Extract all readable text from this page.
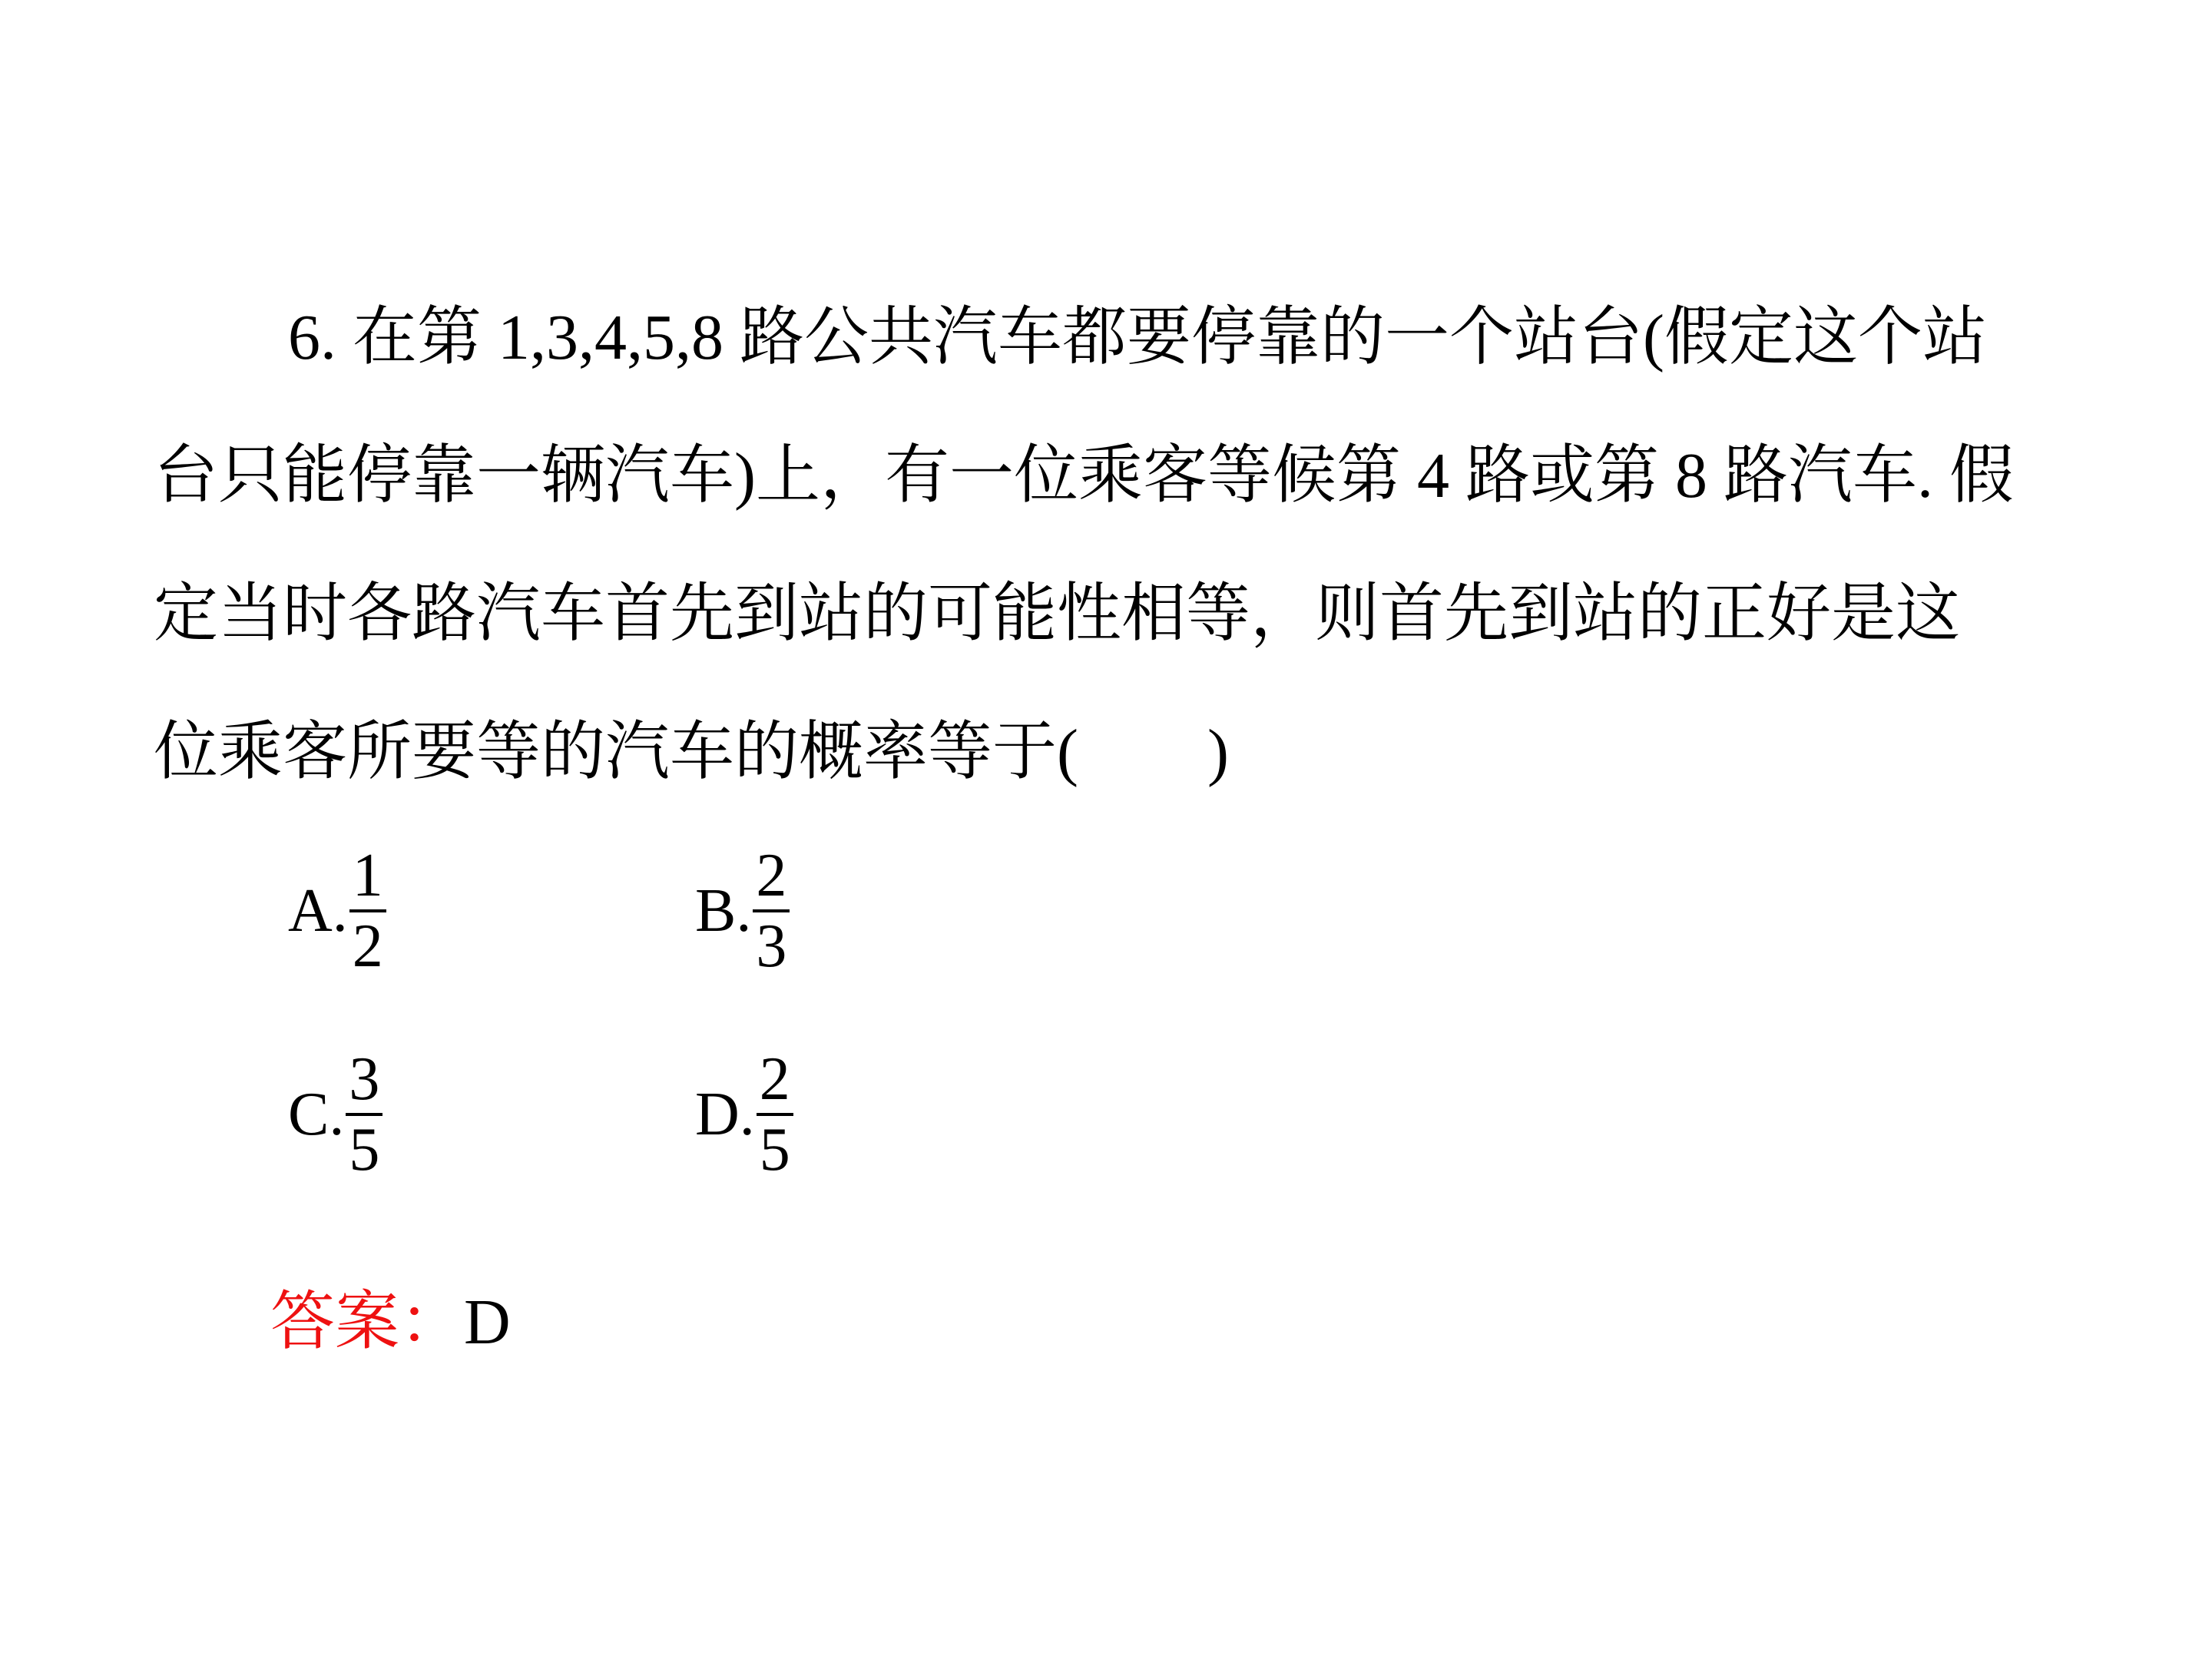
6. 在第 1,3,4,5,8 路公共汽车都要停靠的一个站台(假定这个站
台只能停靠一辆汽车)上，有一位乘客等候第 4 路或第 8 路汽车. 假
定当时各路汽车首先到站的可能性相等，则首先到站的正好是这
位乘客所要等的汽车的概率等于(　　)
A. $\frac{1}{2}$	B. $\frac{2}{3}$
C. $\frac{3}{5}$	D. $\frac{2}{5}$
答案：D
